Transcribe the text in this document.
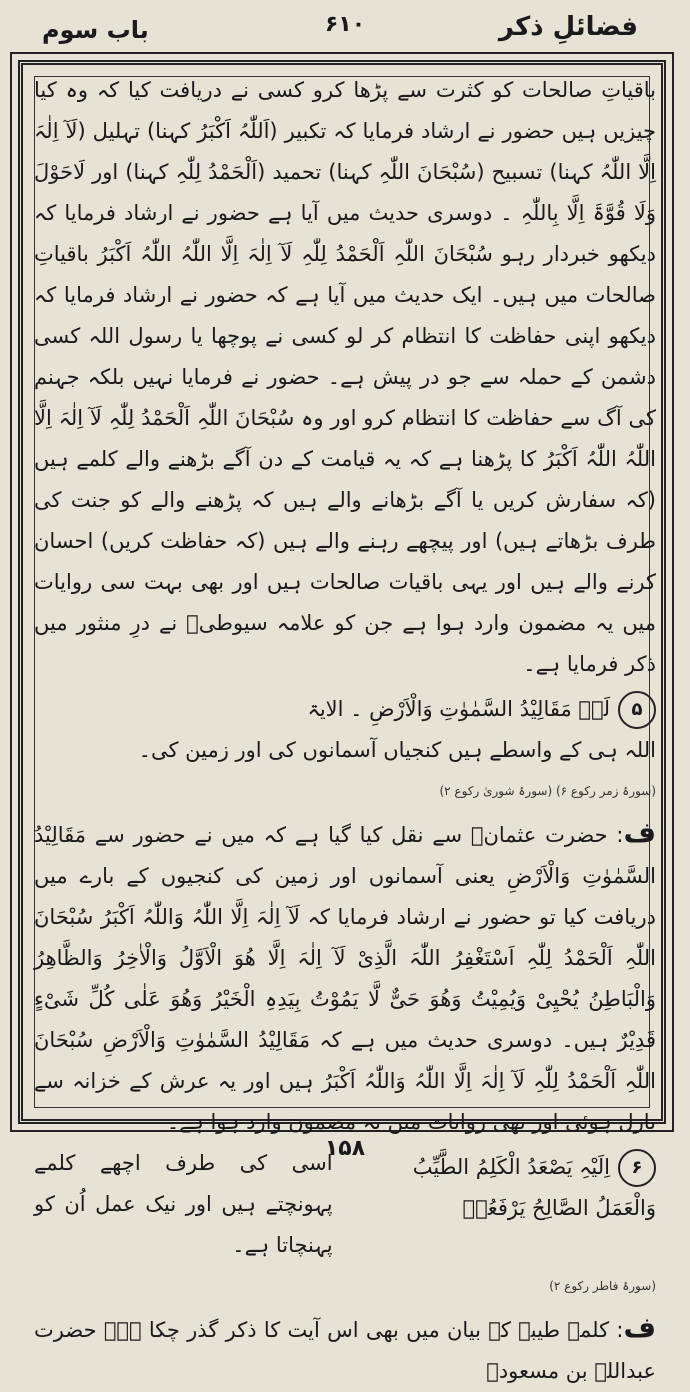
فضائلِ ذکر
۶۱۰
باب سوم

باقیاتِ صالحات کو کثرت سے پڑھا کرو کسی نے دریافت کیا کہ وہ کیا چیزیں ہیں حضور نے ارشاد فرمایا کہ تکبیر (اَللّٰہُ اَکْبَرُ کہنا) تہلیل (لَآ اِلٰہَ اِلَّا اللّٰہُ کہنا) تسبیح (سُبْحَانَ اللّٰہِ کہنا) تحمید (اَلْحَمْدُ لِلّٰہِ کہنا) اور لَاحَوْلَ وَلَا قُوَّۃَ اِلَّا بِاللّٰہِ ۔ دوسری حدیث میں آیا ہے حضور نے ارشاد فرمایا کہ دیکھو خبردار رہو سُبْحَانَ اللّٰہِ اَلْحَمْدُ لِلّٰہِ لَآ اِلٰہَ اِلَّا اللّٰہُ اللّٰہُ اَکْبَرُ باقیاتِ صالحات میں ہیں۔ ایک حدیث میں آیا ہے کہ حضور نے ارشاد فرمایا کہ دیکھو اپنی حفاظت کا انتظام کر لو کسی نے پوچھا یا رسول اللہ کسی دشمن کے حملہ سے جو در پیش ہے۔ حضور نے فرمایا نہیں بلکہ جہنم کی آگ سے حفاظت کا انتظام کرو اور وہ سُبْحَانَ اللّٰہِ اَلْحَمْدُ لِلّٰہِ لَآ اِلٰہَ اِلَّا اللّٰہُ اللّٰہُ اَکْبَرُ کا پڑھنا ہے کہ یہ قیامت کے دن آگے بڑھنے والے کلمے ہیں (کہ سفارش کریں یا آگے بڑھانے والے ہیں کہ پڑھنے والے کو جنت کی طرف بڑھاتے ہیں) اور پیچھے رہنے والے ہیں (کہ حفاظت کریں) احسان کرنے والے ہیں اور یہی باقیات صالحات ہیں اور بھی بہت سی روایات میں یہ مضمون وارد ہوا ہے جن کو علامہ سیوطیؒ نے درِ منثور میں ذکر فرمایا ہے۔

۵
لَہٗ مَقَالِیْدُ السَّمٰوٰتِ وَالْاَرْضِ ۔ الایۃ

اللہ ہی کے واسطے ہیں کنجیاں آسمانوں کی اور زمین کی۔

(سورۂ زمر رکوع ۶) (سورۂ شوریٰ رکوع ۲)

ف: حضرت عثمانؓ سے نقل کیا گیا ہے کہ میں نے حضور سے مَقَالِیْدُ السَّمٰوٰتِ وَالْاَرْضِ یعنی آسمانوں اور زمین کی کنجیوں کے بارے میں دریافت کیا تو حضور نے ارشاد فرمایا کہ لَآ اِلٰہَ اِلَّا اللّٰہُ وَاللّٰہُ اَکْبَرُ سُبْحَانَ اللّٰہِ اَلْحَمْدُ لِلّٰہِ اَسْتَغْفِرُ اللّٰہَ الَّذِیْ لَآ اِلٰہَ اِلَّا ھُوَ الْاَوَّلُ وَالْاٰخِرُ وَالظَّاھِرُ وَالْبَاطِنُ یُحْیِیْ وَیُمِیْتُ وَھُوَ حَیٌّ لَّا یَمُوْتُ بِیَدِہِ الْخَیْرُ وَھُوَ عَلٰی کُلِّ شَیْءٍ قَدِیْرٌ ہیں۔ دوسری حدیث میں ہے کہ مَقَالِیْدُ السَّمٰوٰتِ وَالْاَرْضِ سُبْحَانَ اللّٰہِ اَلْحَمْدُ لِلّٰہِ لَآ اِلٰہَ اِلَّا اللّٰہُ وَاللّٰہُ اَکْبَرُ ہیں اور یہ عرش کے خزانہ سے نازل ہوئی اور بھی روایات میں یہ مضمون وارد ہوا ہے۔

۶
اِلَیْہِ یَصْعَدُ الْکَلِمُ الطَّیِّبُ
وَالْعَمَلُ الصَّالِحُ یَرْفَعُہٗ
اسی کی طرف اچھے کلمے پہونچتے ہیں اور نیک عمل اُن کو پہنچاتا ہے۔

(سورۂ فاطر رکوع ۲)

ف: کلمہ طیبہ کے بیان میں بھی اس آیت کا ذکر گذر چکا ہے۔ حضرت عبداللہ بن مسعودؓ

۱۵۸
